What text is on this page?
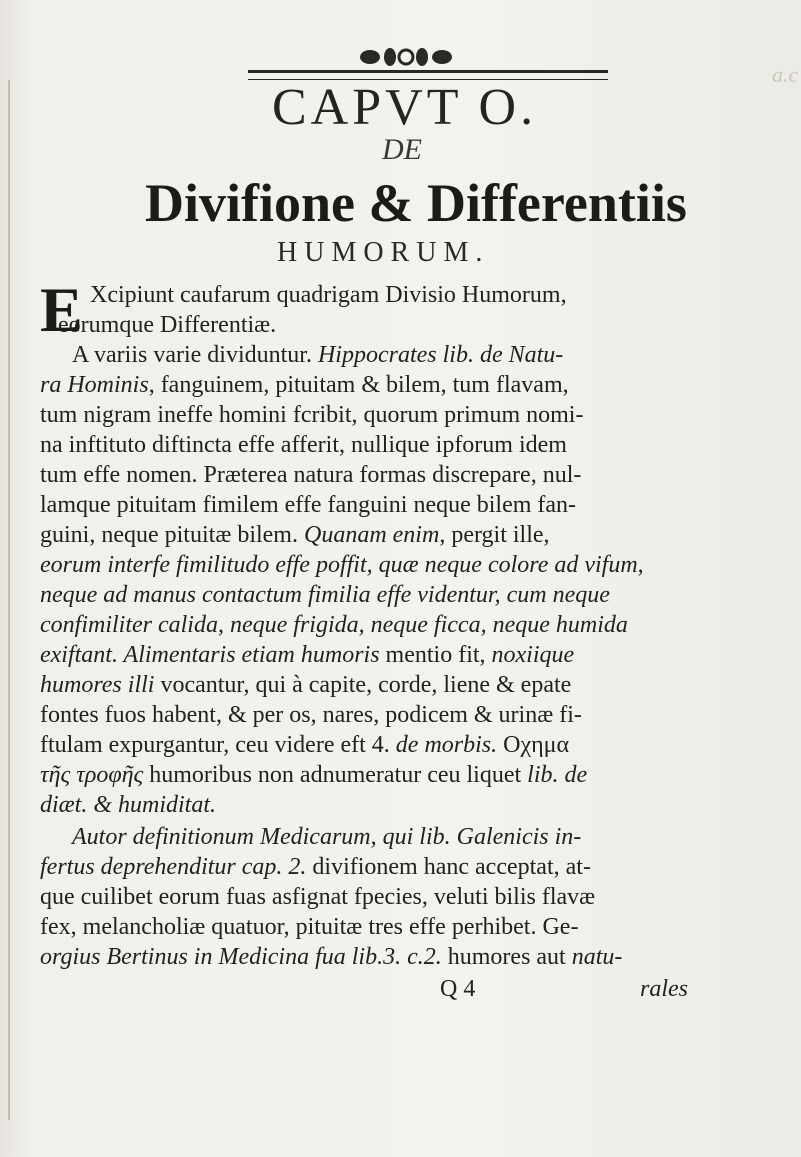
a.c
CAPVT O.
DE
Divifione & Differentiis
HUMORUM.
E Xcipiunt caufarum quadrigam Divisio Humorum,
eorumque Differentiæ.
A variis varie dividuntur. Hippocrates lib. de Natu-
ra Hominis, fanguinem, pituitam & bilem, tum flavam,
tum nigram ineffe homini fcribit, quorum primum nomi-
na inftituto diftincta effe afferit, nullique ipforum idem
tum effe nomen. Præterea natura formas discrepare, nul-
lamque pituitam fimilem effe fanguini neque bilem fan-
guini, neque pituitæ bilem. Quanam enim, pergit ille,
eorum interfe fimilitudo effe poffit, quæ neque colore ad vifum,
neque ad manus contactum fimilia effe videntur, cum neque
confimiliter calida, neque frigida, neque ficca, neque humida
exiftant. Alimentaris etiam humoris mentio fit, noxiique
humores illi vocantur, qui à capite, corde, liene & epate
fontes fuos habent, & per os, nares, podicem & urinæ fi-
ftulam expurgantur, ceu videre eft 4. de morbis. Οχημα
τῆς τροφῆς humoribus non adnumeratur ceu liquet lib. de
diæt. & humiditat.
Autor definitionum Medicarum, qui lib. Galenicis in-
fertus deprehenditur cap. 2. divifionem hanc acceptat, at-
que cuilibet eorum fuas asfignat fpecies, veluti bilis flavæ
fex, melancholiæ quatuor, pituitæ tres effe perhibet. Ge-
orgius Bertinus in Medicina fua lib.3. c.2. humores aut natu-
Q 4	rales
